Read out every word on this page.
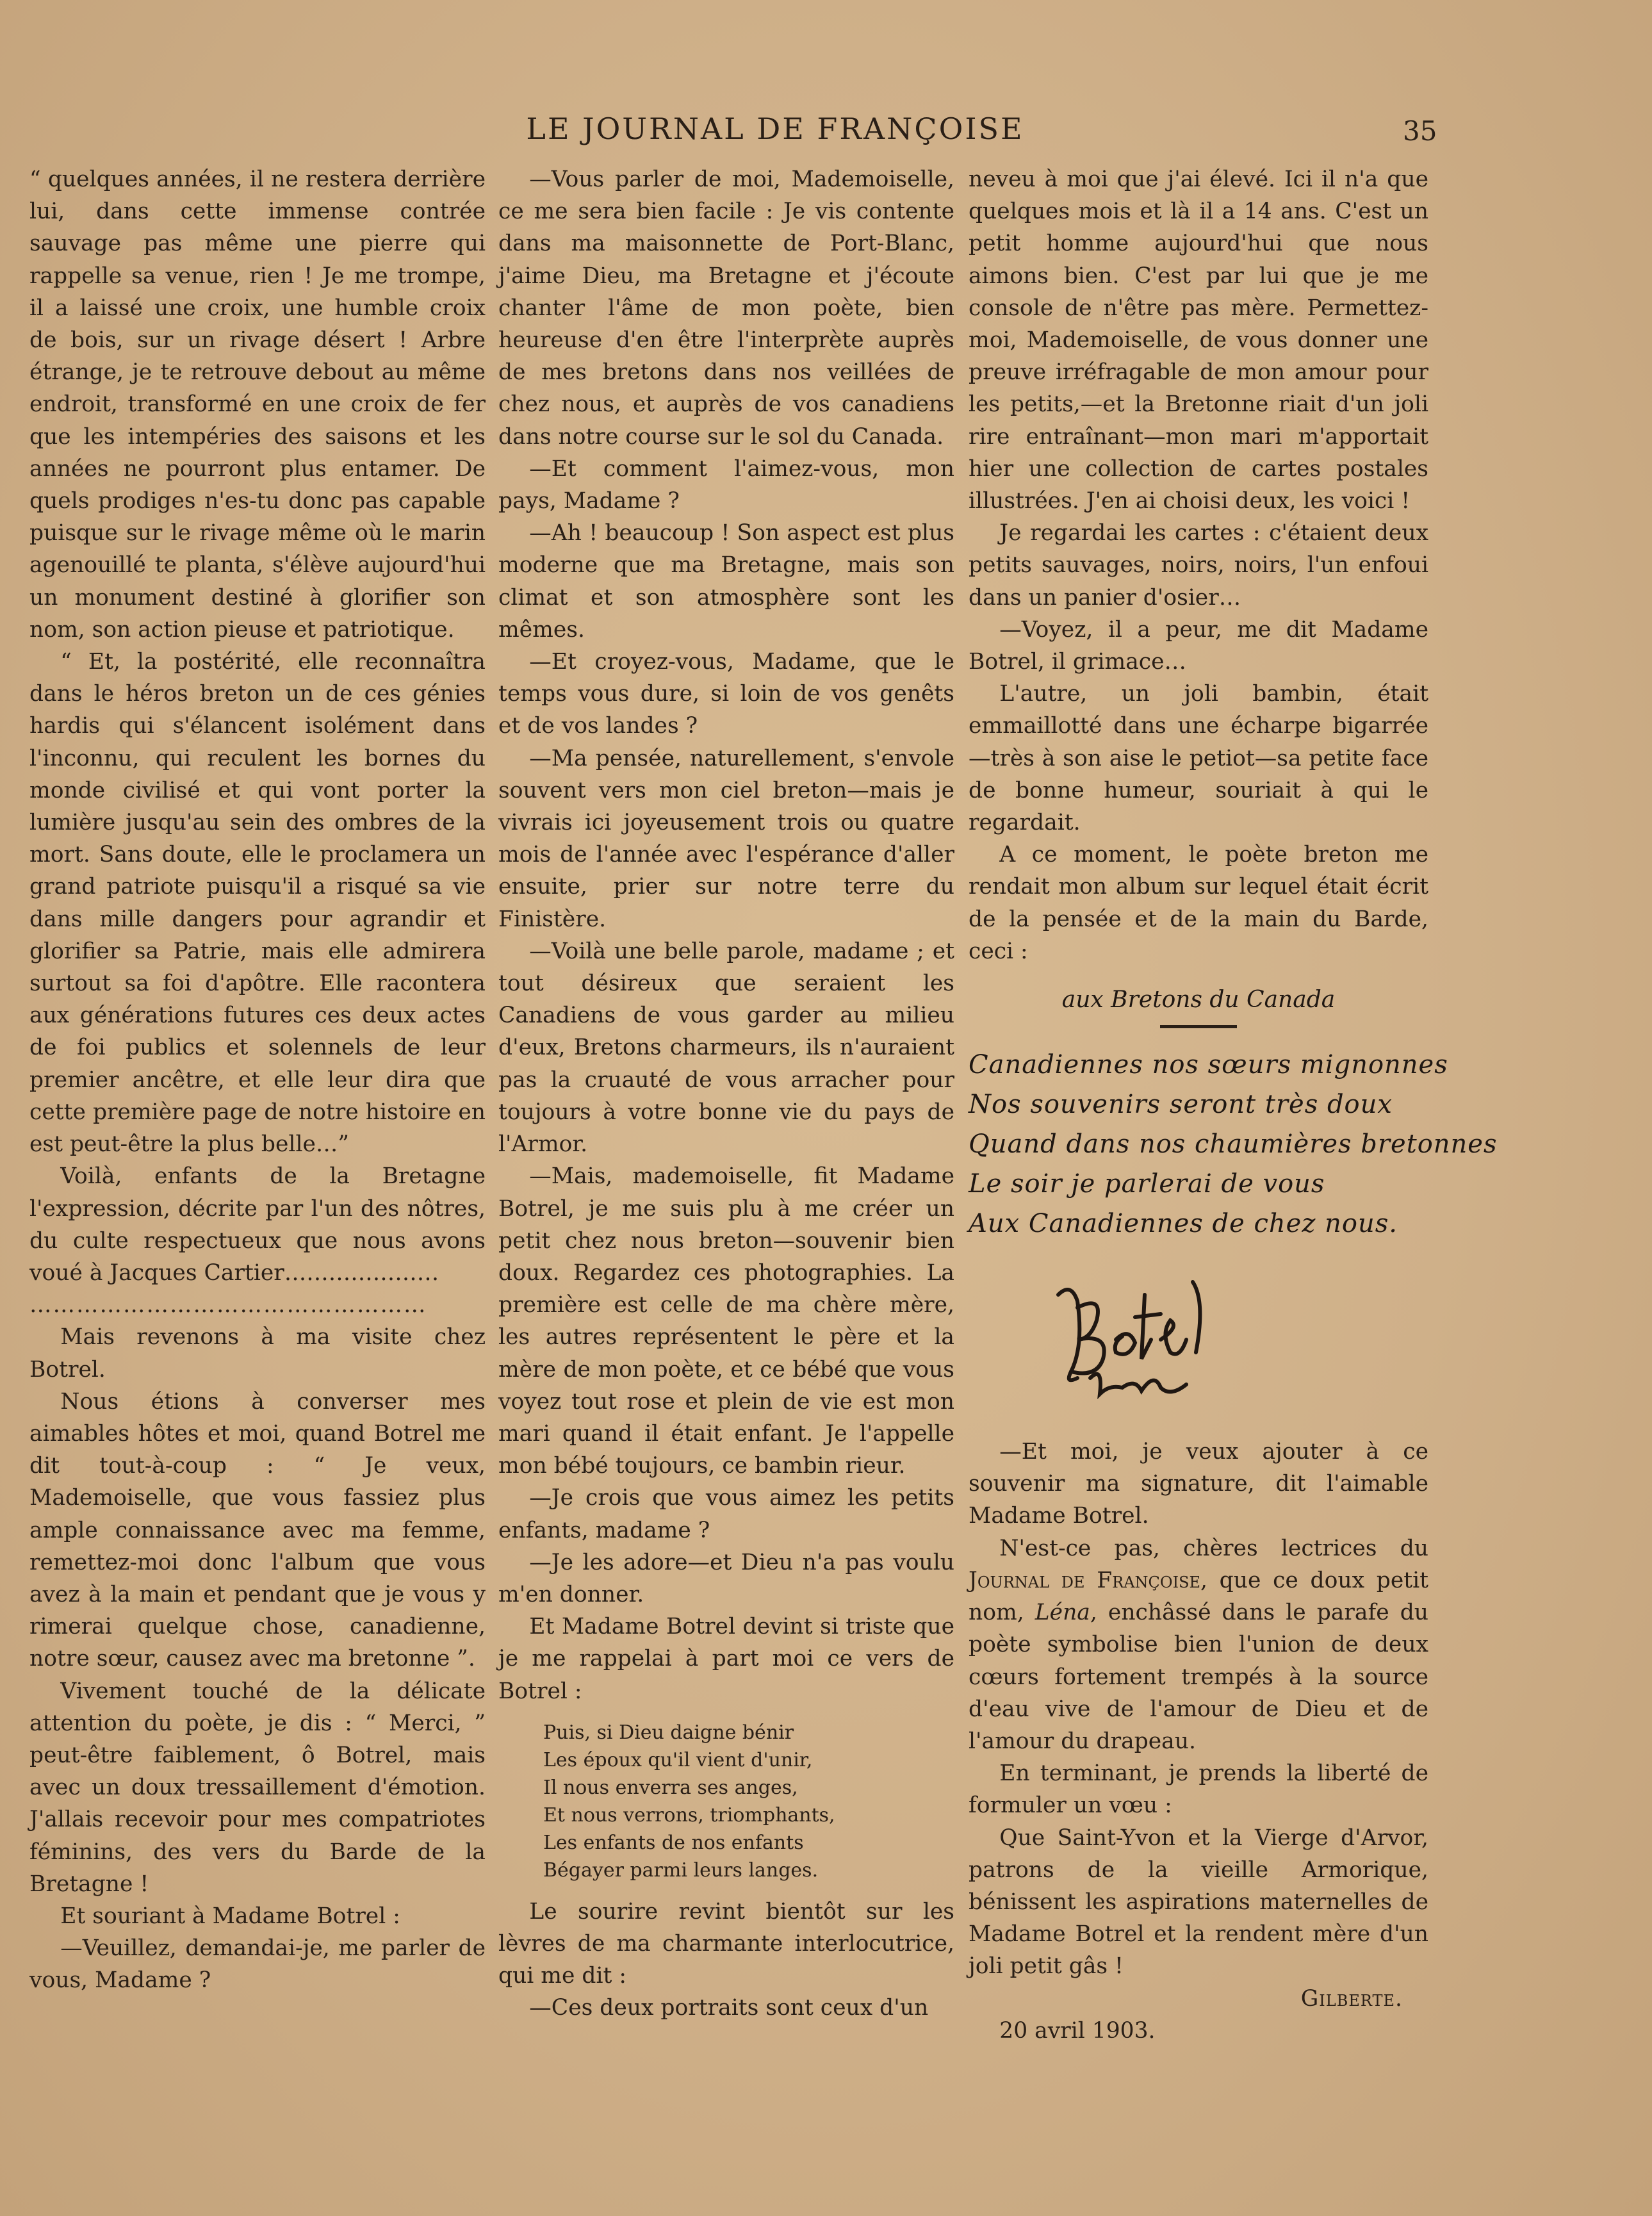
LE JOURNAL DE FRANÇOISE	35

“ quelques années, il ne restera derrière lui, dans cette immense contrée sauvage pas même une pierre qui rappelle sa venue, rien ! Je me trompe, il a laissé une croix, une humble croix de bois, sur un rivage désert ! Arbre étrange, je te retrouve debout au même endroit, transformé en une croix de fer que les intempéries des saisons et les années ne pourront plus entamer. De quels prodiges n'es-tu donc pas capable puisque sur le rivage même où le marin agenouillé te planta, s'élève aujourd'hui un monument destiné à glorifier son nom, son action pieuse et patriotique.

“ Et, la postérité, elle reconnaîtra dans le héros breton un de ces génies hardis qui s'élancent isolément dans l'inconnu, qui reculent les bornes du monde civilisé et qui vont porter la lumière jusqu'au sein des ombres de la mort. Sans doute, elle le proclamera un grand patriote puisqu'il a risqué sa vie dans mille dangers pour agrandir et glorifier sa Patrie, mais elle admirera surtout sa foi d'apôtre. Elle racontera aux générations futures ces deux actes de foi publics et solennels de leur premier ancêtre, et elle leur dira que cette première page de notre histoire en est peut-être la plus belle…”

Voilà, enfants de la Bretagne l'expression, décrite par l'un des nôtres, du culte respectueux que nous avons voué à Jacques Cartier…………………

……………………………………………

Mais revenons à ma visite chez Botrel.

Nous étions à converser mes aimables hôtes et moi, quand Botrel me dit tout-à-coup : “ Je veux, Mademoiselle, que vous fassiez plus ample connaissance avec ma femme, remettez-moi donc l'album que vous avez à la main et pendant que je vous y rimerai quelque chose, canadienne, notre sœur, causez avec ma bretonne ”.

Vivement touché de la délicate attention du poète, je dis : “ Merci, ” peut-être faiblement, ô Botrel, mais avec un doux tressaillement d'émotion. J'allais recevoir pour mes compatriotes féminins, des vers du Barde de la Bretagne !

Et souriant à Madame Botrel :

—Veuillez, demandai-je, me parler de vous, Madame ?

—Vous parler de moi, Mademoiselle, ce me sera bien facile : Je vis contente dans ma maisonnette de Port-Blanc, j'aime Dieu, ma Bretagne et j'écoute chanter l'âme de mon poète, bien heureuse d'en être l'interprète auprès de mes bretons dans nos veillées de chez nous, et auprès de vos canadiens dans notre course sur le sol du Canada.

—Et comment l'aimez-vous, mon pays, Madame ?

—Ah ! beaucoup ! Son aspect est plus moderne que ma Bretagne, mais son climat et son atmosphère sont les mêmes.

—Et croyez-vous, Madame, que le temps vous dure, si loin de vos genêts et de vos landes ?

—Ma pensée, naturellement, s'envole souvent vers mon ciel breton—mais je vivrais ici joyeusement trois ou quatre mois de l'année avec l'espérance d'aller ensuite, prier sur notre terre du Finistère.

—Voilà une belle parole, madame ; et tout désireux que seraient les Canadiens de vous garder au milieu d'eux, Bretons charmeurs, ils n'auraient pas la cruauté de vous arracher pour toujours à votre bonne vie du pays de l'Armor.

—Mais, mademoiselle, fit Madame Botrel, je me suis plu à me créer un petit chez nous breton—souvenir bien doux. Regardez ces photographies. La première est celle de ma chère mère, les autres représentent le père et la mère de mon poète, et ce bébé que vous voyez tout rose et plein de vie est mon mari quand il était enfant. Je l'appelle mon bébé toujours, ce bambin rieur.

—Je crois que vous aimez les petits enfants, madame ?

—Je les adore—et Dieu n'a pas voulu m'en donner.

Et Madame Botrel devint si triste que je me rappelai à part moi ce vers de Botrel :

Puis, si Dieu daigne bénir
Les époux qu'il vient d'unir,
Il nous enverra ses anges,
Et nous verrons, triomphants,
Les enfants de nos enfants
Bégayer parmi leurs langes.

Le sourire revint bientôt sur les lèvres de ma charmante interlocutrice, qui me dit :

—Ces deux portraits sont ceux d'un

neveu à moi que j'ai élevé. Ici il n'a que quelques mois et là il a 14 ans. C'est un petit homme aujourd'hui que nous aimons bien. C'est par lui que je me console de n'être pas mère. Permettez-moi, Mademoiselle, de vous donner une preuve irréfragable de mon amour pour les petits,—et la Bretonne riait d'un joli rire entraînant—mon mari m'apportait hier une collection de cartes postales illustrées. J'en ai choisi deux, les voici !

Je regardai les cartes : c'étaient deux petits sauvages, noirs, noirs, l'un enfoui dans un panier d'osier…

—Voyez, il a peur, me dit Madame Botrel, il grimace…

L'autre, un joli bambin, était emmaillotté dans une écharpe bigarrée—très à son aise le petiot—sa petite face de bonne humeur, souriait à qui le regardait.

A ce moment, le poète breton me rendait mon album sur lequel était écrit de la pensée et de la main du Barde, ceci :

aux Bretons du Canada
Canadiennes nos sœurs mignonnes
Nos souvenirs seront très doux
Quand dans nos chaumières bretonnes
Le soir je parlerai de vous
Aux Canadiennes de chez nous.

—Et moi, je veux ajouter à ce souvenir ma signature, dit l'aimable Madame Botrel.

N'est-ce pas, chères lectrices du Journal de Françoise, que ce doux petit nom, Léna, enchâssé dans le parafe du poète symbolise bien l'union de deux cœurs fortement trempés à la source d'eau vive de l'amour de Dieu et de l'amour du drapeau.

En terminant, je prends la liberté de formuler un vœu :

Que Saint-Yvon et la Vierge d'Arvor, patrons de la vieille Armorique, bénissent les aspirations maternelles de Madame Botrel et la rendent mère d'un joli petit gâs !

Gilberte.

20 avril 1903.
